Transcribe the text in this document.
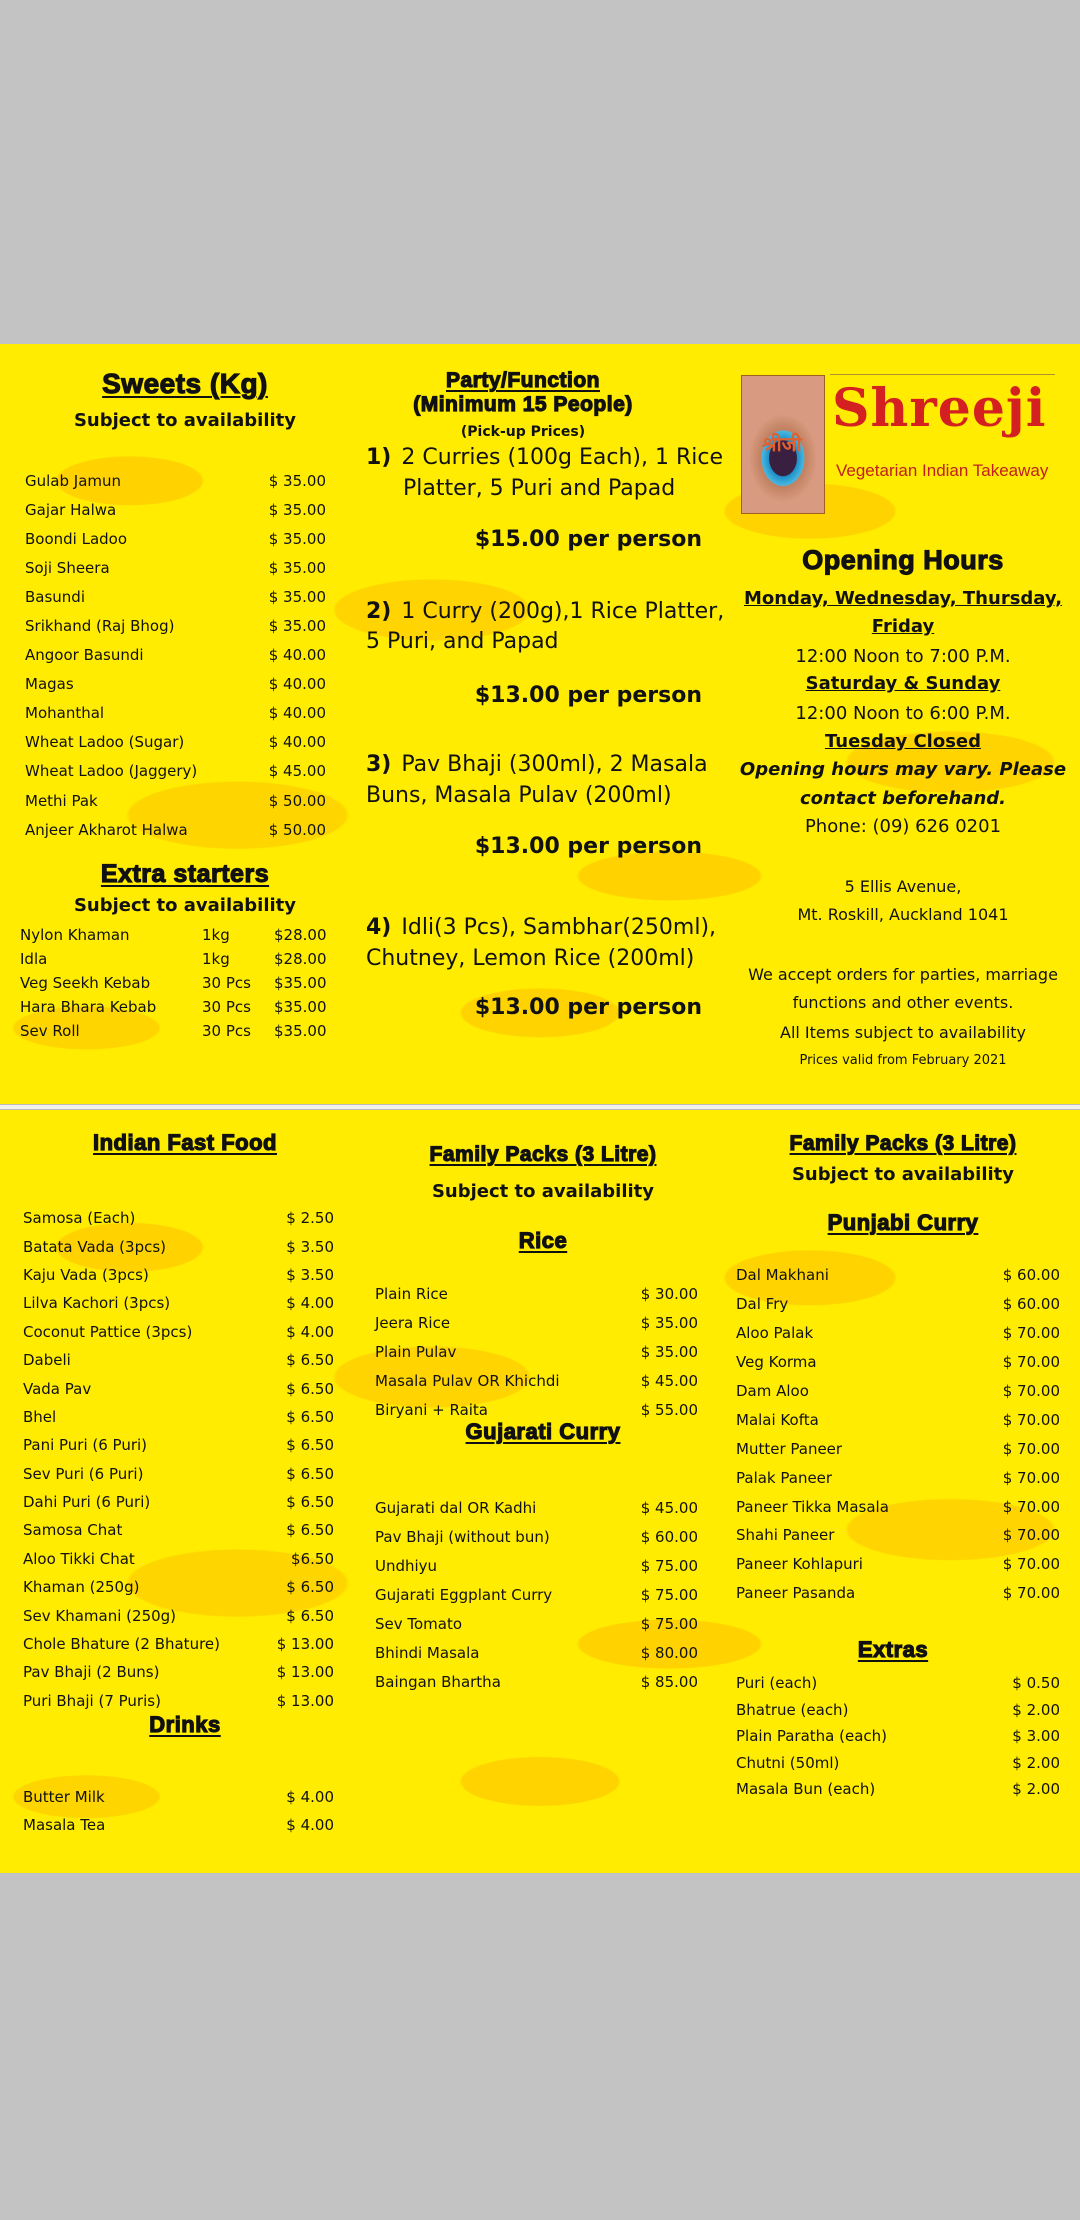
Sweets (Kg)
Subject to availability
Gulab Jamun	$ 35.00
Gajar Halwa	$ 35.00
Boondi Ladoo	$ 35.00
Soji Sheera	$ 35.00
Basundi	$ 35.00
Srikhand (Raj Bhog)	$ 35.00
Angoor Basundi	$ 40.00
Magas	$ 40.00
Mohanthal	$ 40.00
Wheat Ladoo (Sugar)	$ 40.00
Wheat Ladoo (Jaggery)	$ 45.00
Methi Pak	$ 50.00
Anjeer Akharot Halwa	$ 50.00
Extra starters
Subject to availability
Nylon Khaman	1kg	$28.00
Idla	1kg	$28.00
Veg Seekh Kebab	30 Pcs $35.00
Hara Bhara Kebab	30 Pcs $35.00
Sev Roll	30 Pcs $35.00
Party/Function
(Minimum 15 People)
(Pick-up Prices)
1) 2 Curries (100g Each), 1 Rice
Platter, 5 Puri and Papad
$15.00 per person
2) 1 Curry (200g),1 Rice Platter,
5 Puri, and Papad
$13.00 per person
3) Pav Bhaji (300ml), 2 Masala
Buns, Masala Pulav (200ml)
$13.00 per person
4) Idli(3 Pcs), Sambhar(250ml),
Chutney, Lemon Rice (200ml)
$13.00 per person
श्रीजी
Shreeji
Vegetarian Indian Takeaway
Opening Hours
Monday, Wednesday, Thursday,
Friday
12:00 Noon to 7:00 P.M.
Saturday & Sunday
12:00 Noon to 6:00 P.M.
Tuesday Closed
Opening hours may vary. Please
contact beforehand.
Phone: (09) 626 0201
5 Ellis Avenue,
Mt. Roskill, Auckland 1041
We accept orders for parties, marriage
functions and other events.
All Items subject to availability
Prices valid from February 2021
Indian Fast Food
Samosa (Each)	$ 2.50
Batata Vada (3pcs)	$ 3.50
Kaju Vada (3pcs)	$ 3.50
Lilva Kachori (3pcs)	$ 4.00
Coconut Pattice (3pcs)	$ 4.00
Dabeli	$ 6.50
Vada Pav	$ 6.50
Bhel	$ 6.50
Pani Puri (6 Puri)	$ 6.50
Sev Puri (6 Puri)	$ 6.50
Dahi Puri (6 Puri)	$ 6.50
Samosa Chat	$ 6.50
Aloo Tikki Chat	$6.50
Khaman (250g)	$ 6.50
Sev Khamani (250g)	$ 6.50
Chole Bhature (2 Bhature)	$ 13.00
Pav Bhaji (2 Buns)	$ 13.00
Puri Bhaji (7 Puris)	$ 13.00
Drinks
Butter Milk	$ 4.00
Masala Tea	$ 4.00
Family Packs (3 Litre)
Subject to availability
Rice
Plain Rice	$ 30.00
Jeera Rice	$ 35.00
Plain Pulav	$ 35.00
Masala Pulav OR Khichdi	$ 45.00
Biryani + Raita	$ 55.00
Gujarati Curry
Gujarati dal OR Kadhi	$ 45.00
Pav Bhaji (without bun)	$ 60.00
Undhiyu	$ 75.00
Gujarati Eggplant Curry	$ 75.00
Sev Tomato	$ 75.00
Bhindi Masala	$ 80.00
Baingan Bhartha	$ 85.00
Family Packs (3 Litre)
Subject to availability
Punjabi Curry
Dal Makhani	$ 60.00
Dal Fry	$ 60.00
Aloo Palak	$ 70.00
Veg Korma	$ 70.00
Dam Aloo	$ 70.00
Malai Kofta	$ 70.00
Mutter Paneer	$ 70.00
Palak Paneer	$ 70.00
Paneer Tikka Masala	$ 70.00
Shahi Paneer	$ 70.00
Paneer Kohlapuri	$ 70.00
Paneer Pasanda	$ 70.00
Extras
Puri (each)	$ 0.50
Bhatrue (each)	$ 2.00
Plain Paratha (each)	$ 3.00
Chutni (50ml)	$ 2.00
Masala Bun (each)	$ 2.00
